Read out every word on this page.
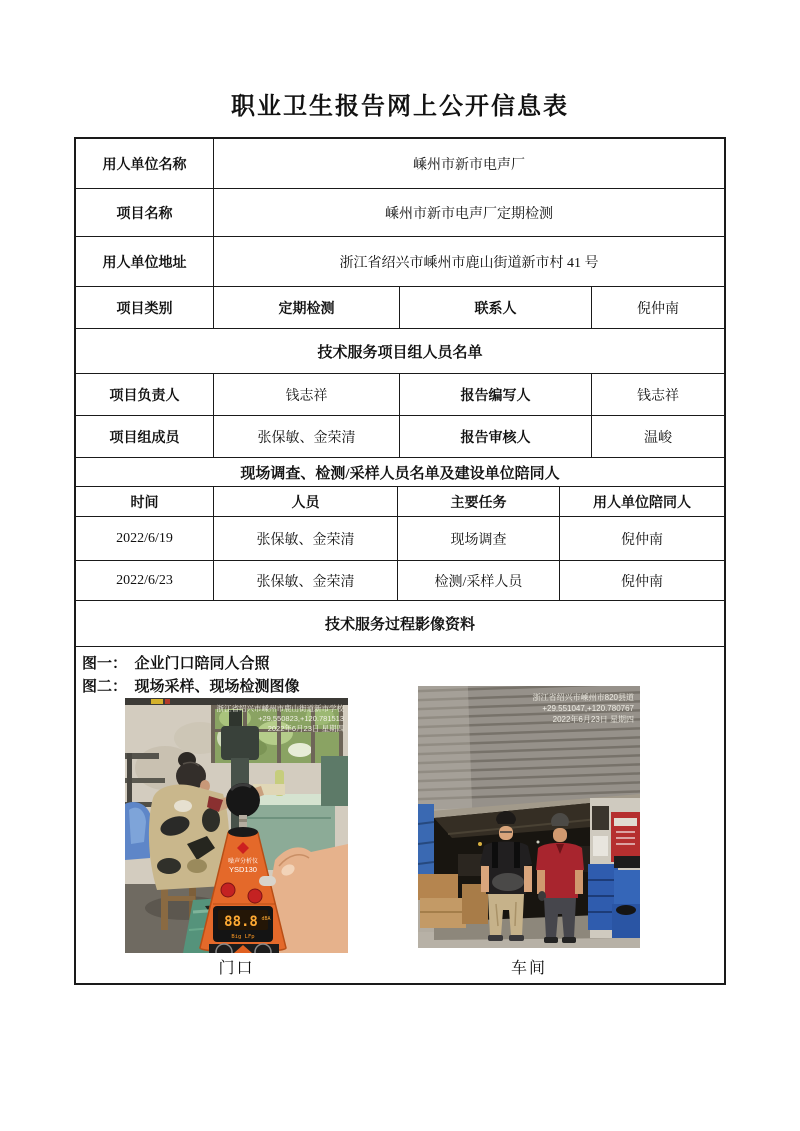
职业卫生报告网上公开信息表
用人单位名称	嵊州市新市电声厂
项目名称	嵊州市新市电声厂定期检测
用人单位地址	浙江省绍兴市嵊州市鹿山街道新市村 41 号
项目类别	定期检测	联系人	倪仲南
技术服务项目组人员名单
项目负责人	钱志祥	报告编写人	钱志祥
项目组成员	张保敏、金荣清	报告审核人	温峻
现场调查、检测/采样人员名单及建设单位陪同人
时间	人员	主要任务	用人单位陪同人
2022/6/19	张保敏、金荣清	现场调查	倪仲南
2022/6/23	张保敏、金荣清	检测/采样人员	倪仲南
技术服务过程影像资料
图一：  企业门口陪同人合照
图二：  现场采样、现场检测图像
噪声分析仪
YSD130
88.8 dBA
Big LFp
浙江省绍兴市嵊州市鹿山街道新市学校
+29.550823,+120.781513
2022年6月23日 星期四
浙江省绍兴市嵊州市820县道
+29.551047,+120.780767
2022年6月23日 星期四
门口	车间
